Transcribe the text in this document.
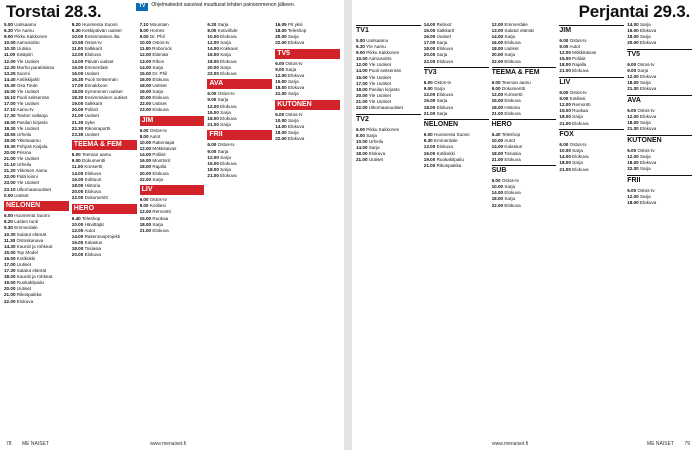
Torstai 28.3.	TV Ohjelmatiedot sanoivat muuttuvat lehden painoonmenon jälkeen.
5.00 Uutisaamu
6.30 Yle Aamu
9.00 Pikku Kakkonen
10.00 Aamusoitto
10.30 Uutisia
11.00 Sisäpiiri
12.00 Yle Uutiset
12.30 Murha paratiisissa
13.25 Suomi
14.40 Antiikkijahti
15.30 Osa Tiede
16.00 Yle Uutiset
16.10 Puoli seitsemän
17.00 Yle Uutiset
17.10 Aamu-tv
17.30 Tiedon valtaoja
18.00 Pasilan kirjasto
18.30 Yle Uutiset
18.55 Urheilu
19.00 Ykkösaamu
19.30 Pohjois Karjala
20.00 Prisma
21.00 Yle Uutiset
21.10 Urheilu
21.20 Ykkösen Aamu
22.00 Pidä kiinni
23.00 Yle Uutiset
23.10 Ulkomaanuutiset
0.00 Uutiset
NELONEN
6.00 Huomenta Suomi
8.20 Lasten tunti
9.30 Emmerdale
10.30 Salatut elämät
11.30 Ostoskanava
14.30 Kauniit ja rohkeat
15.00 Top Model
16.00 Kotikokki
17.00 Uutiset
17.30 Salatut elämät
18.00 Kauniit ja rohkeat
19.00 Ruokakilpailu
20.00 Uutiset
21.00 Rikospaikka
22.00 Elokuva
9.20 Huomenta Suomi
9.30 Keskipäivän uutiset
10.00 Ensimmäinen ilta
10.55 Ostos-tv
11.00 Salkkarit
12.00 Elokuva
14.00 Päivän uutiset
15.00 Emmerdale
16.00 Uutiset
16.30 Puoli Seitsemän
17.00 Ennakkoon
18.00 Kymmenen uutiset
18.30 Ensimmäinen uutiset
19.00 Salkkarit
20.00 Poliisit
21.00 Uutiset
21.30 Syke
22.30 Rikosraportti
23.30 Uutiset
TEEMA & FEM
6.00 Teeman aamu
9.00 Dokumentti
11.00 Konsertti
14.00 Elokuva
16.00 Kulttuuri
18.00 Historia
20.00 Elokuva
22.00 Dokumentti
HERO
6.40 Teleshop
10.00 Hävittäjät
12.00 Autot
14.00 Rakennusprojekti
16.00 Kalastus
18.00 Tosiasia
20.00 Elokuva
7.10 Mountain
8.00 Homes
9.00 Dr. Phil
10.00 Ostos-tv
11.00 Roborock
12.00 Elämää
13.00 Rikos
14.00 Sarja
15.00 Dr. Phil
16.00 Elokuva
18.00 Uutiset
19.00 Sarja
20.00 Elokuva
22.00 Uutiset
23.00 Elokuva
JIM
6.00 Ostos-tv
8.00 Autot
10.00 Rakentajat
12.00 Mökkitaivas
14.00 Poliisit
16.00 Moottorit
18.00 Rajalla
20.00 Elokuva
22.00 Sarja
LIV
6.00 Ostos-tv
9.00 Kotiliesi
12.00 Remontti
15.00 Ruokaa
18.00 Sarja
21.00 Elokuva
6.20 Sarja
8.00 Kotiviihde
10.00 Elokuva
12.00 Sarja
14.00 Kokkaus
16.00 Sarja
18.00 Elokuva
20.00 Sarja
22.00 Elokuva
AVA
6.00 Ostos-tv
9.00 Sarja
12.00 Elokuva
15.00 Sarja
18.00 Elokuva
21.00 Sarja
FRII
6.00 Ostos-tv
9.00 Sarja
12.00 Sarja
15.00 Elokuva
18.00 Sarja
21.00 Elokuva
16.05 Pit yksi
18.00 Teleshop
20.00 Sarja
22.00 Elokuva
TV5
6.00 Ostos-tv
9.00 Sarja
12.00 Elokuva
15.00 Sarja
18.00 Elokuva
21.00 Sarja
KUTONEN
6.00 Ostos-tv
10.00 Sarja
14.00 Elokuva
18.00 Sarja
22.00 Elokuva
78 ME NAISET	www.menaiset.fi
Perjantai 29.3.
TV1
5.00 Uutisaamu
6.30 Yle Aamu
9.00 Pikku Kakkonen
10.00 Aamusoitto
12.00 Yle Uutiset
14.00 Puoli seitsemän
16.00 Yle Uutiset
17.00 Yle Uutiset
18.00 Pasilan kirjasto
20.00 Yle Uutiset
21.00 Yle Uutiset
22.00 Ulkomaanuutiset
TV2
6.00 Pikku Kakkonen
8.00 Sarja
10.00 Urheilu
14.00 Sarja
18.00 Elokuva
21.00 Uutiset
14.00 Reboot
15.00 Salkkarit
16.00 Uutiset
17.00 Sarja
18.00 Elokuva
20.00 Sarja
22.00 Elokuva
TV3
6.00 Ostos-tv
9.00 Sarja
12.00 Elokuva
15.00 Sarja
18.00 Elokuva
21.00 Sarja
NELONEN
6.00 Huomenta Suomi
9.30 Emmerdale
12.00 Elokuva
16.00 Kotikokki
19.00 Ruokakilpailu
21.00 Rikospaikka
12.00 Emmerdale
13.00 Salatut elämät
14.00 Sarja
16.00 Elokuva
18.00 Uutiset
20.00 Sarja
22.00 Elokuva
TEEMA & FEM
6.00 Teeman aamu
9.00 Dokumentti
12.00 Konsertti
15.00 Elokuva
18.00 Historia
21.00 Elokuva
HERO
6.40 Teleshop
10.00 Autot
14.00 Kalastus
18.00 Tosiasia
21.00 Elokuva
SUB
6.00 Ostos-tv
10.00 Sarja
14.00 Elokuva
18.00 Sarja
22.00 Elokuva
JIM
6.00 Ostos-tv
9.00 Autot
12.00 Mökkitaivas
15.00 Poliisit
18.00 Rajalla
21.00 Elokuva
LIV
6.00 Ostos-tv
9.00 Kotiliesi
12.00 Remontti
15.00 Ruokaa
18.00 Sarja
21.00 Elokuva
FOX
6.00 Ostos-tv
10.00 Sarja
14.00 Elokuva
18.00 Sarja
21.00 Elokuva
14.00 Sarja
16.00 Elokuva
18.00 Sarja
20.00 Elokuva
TV5
6.00 Ostos-tv
9.00 Sarja
12.00 Elokuva
18.00 Sarja
21.00 Elokuva
AVA
6.00 Ostos-tv
12.00 Elokuva
18.00 Sarja
21.00 Elokuva
KUTONEN
6.00 Ostos-tv
12.00 Sarja
18.00 Elokuva
22.00 Sarja
FRII
6.00 Ostos-tv
12.00 Sarja
18.00 Elokuva
www.menaiset.fi	ME NAISET 79
